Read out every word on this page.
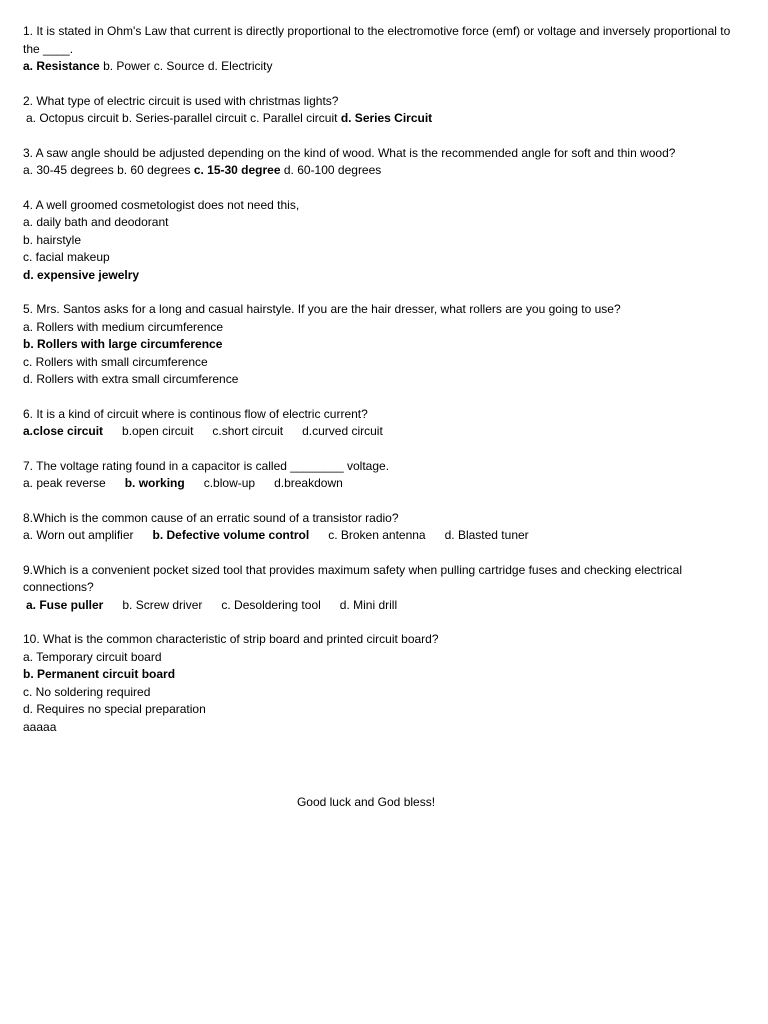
1. It is stated in Ohm's Law that current is directly proportional to the electromotive force (emf) or voltage and inversely proportional to the ____.

a. Resistance b. Power c. Source d. Electricity

2. What type of electric circuit is used with christmas lights?

a. Octopus circuit b. Series-parallel circuit c. Parallel circuit d. Series Circuit

3. A saw angle should be adjusted depending on the kind of wood. What is the recommended angle for soft and thin wood?

a. 30-45 degrees b. 60 degrees c. 15-30 degree d. 60-100 degrees

4. A well groomed cosmetologist does not need this,

a. daily bath and deodorant
b. hairstyle
c. facial makeup
d. expensive jewelry

5. Mrs. Santos asks for a long and casual hairstyle. If you are the hair dresser, what rollers are you going to use?

a. Rollers with medium circumference
b. Rollers with large circumference
c. Rollers with small circumference
d. Rollers with extra small circumference

6. It is a kind of circuit where is continous flow of electric current?

a.close circuit b.open circuit c.short circuit d.curved circuit

7. The voltage rating found in a capacitor is called ________ voltage.

a. peak reverse b. working c.blow-up d.breakdown

8.Which is the common cause of an erratic sound of a transistor radio?

a. Worn out amplifier b. Defective volume control c. Broken antenna d. Blasted tuner

9.Which is a convenient pocket sized tool that provides maximum safety when pulling cartridge fuses and checking electrical connections?

a. Fuse puller b. Screw driver c. Desoldering tool d. Mini drill

10. What is the common characteristic of strip board and printed circuit board?

a. Temporary circuit board
b. Permanent circuit board
c. No soldering required
d. Requires no special preparation

aaaaa

Good luck and God bless!
